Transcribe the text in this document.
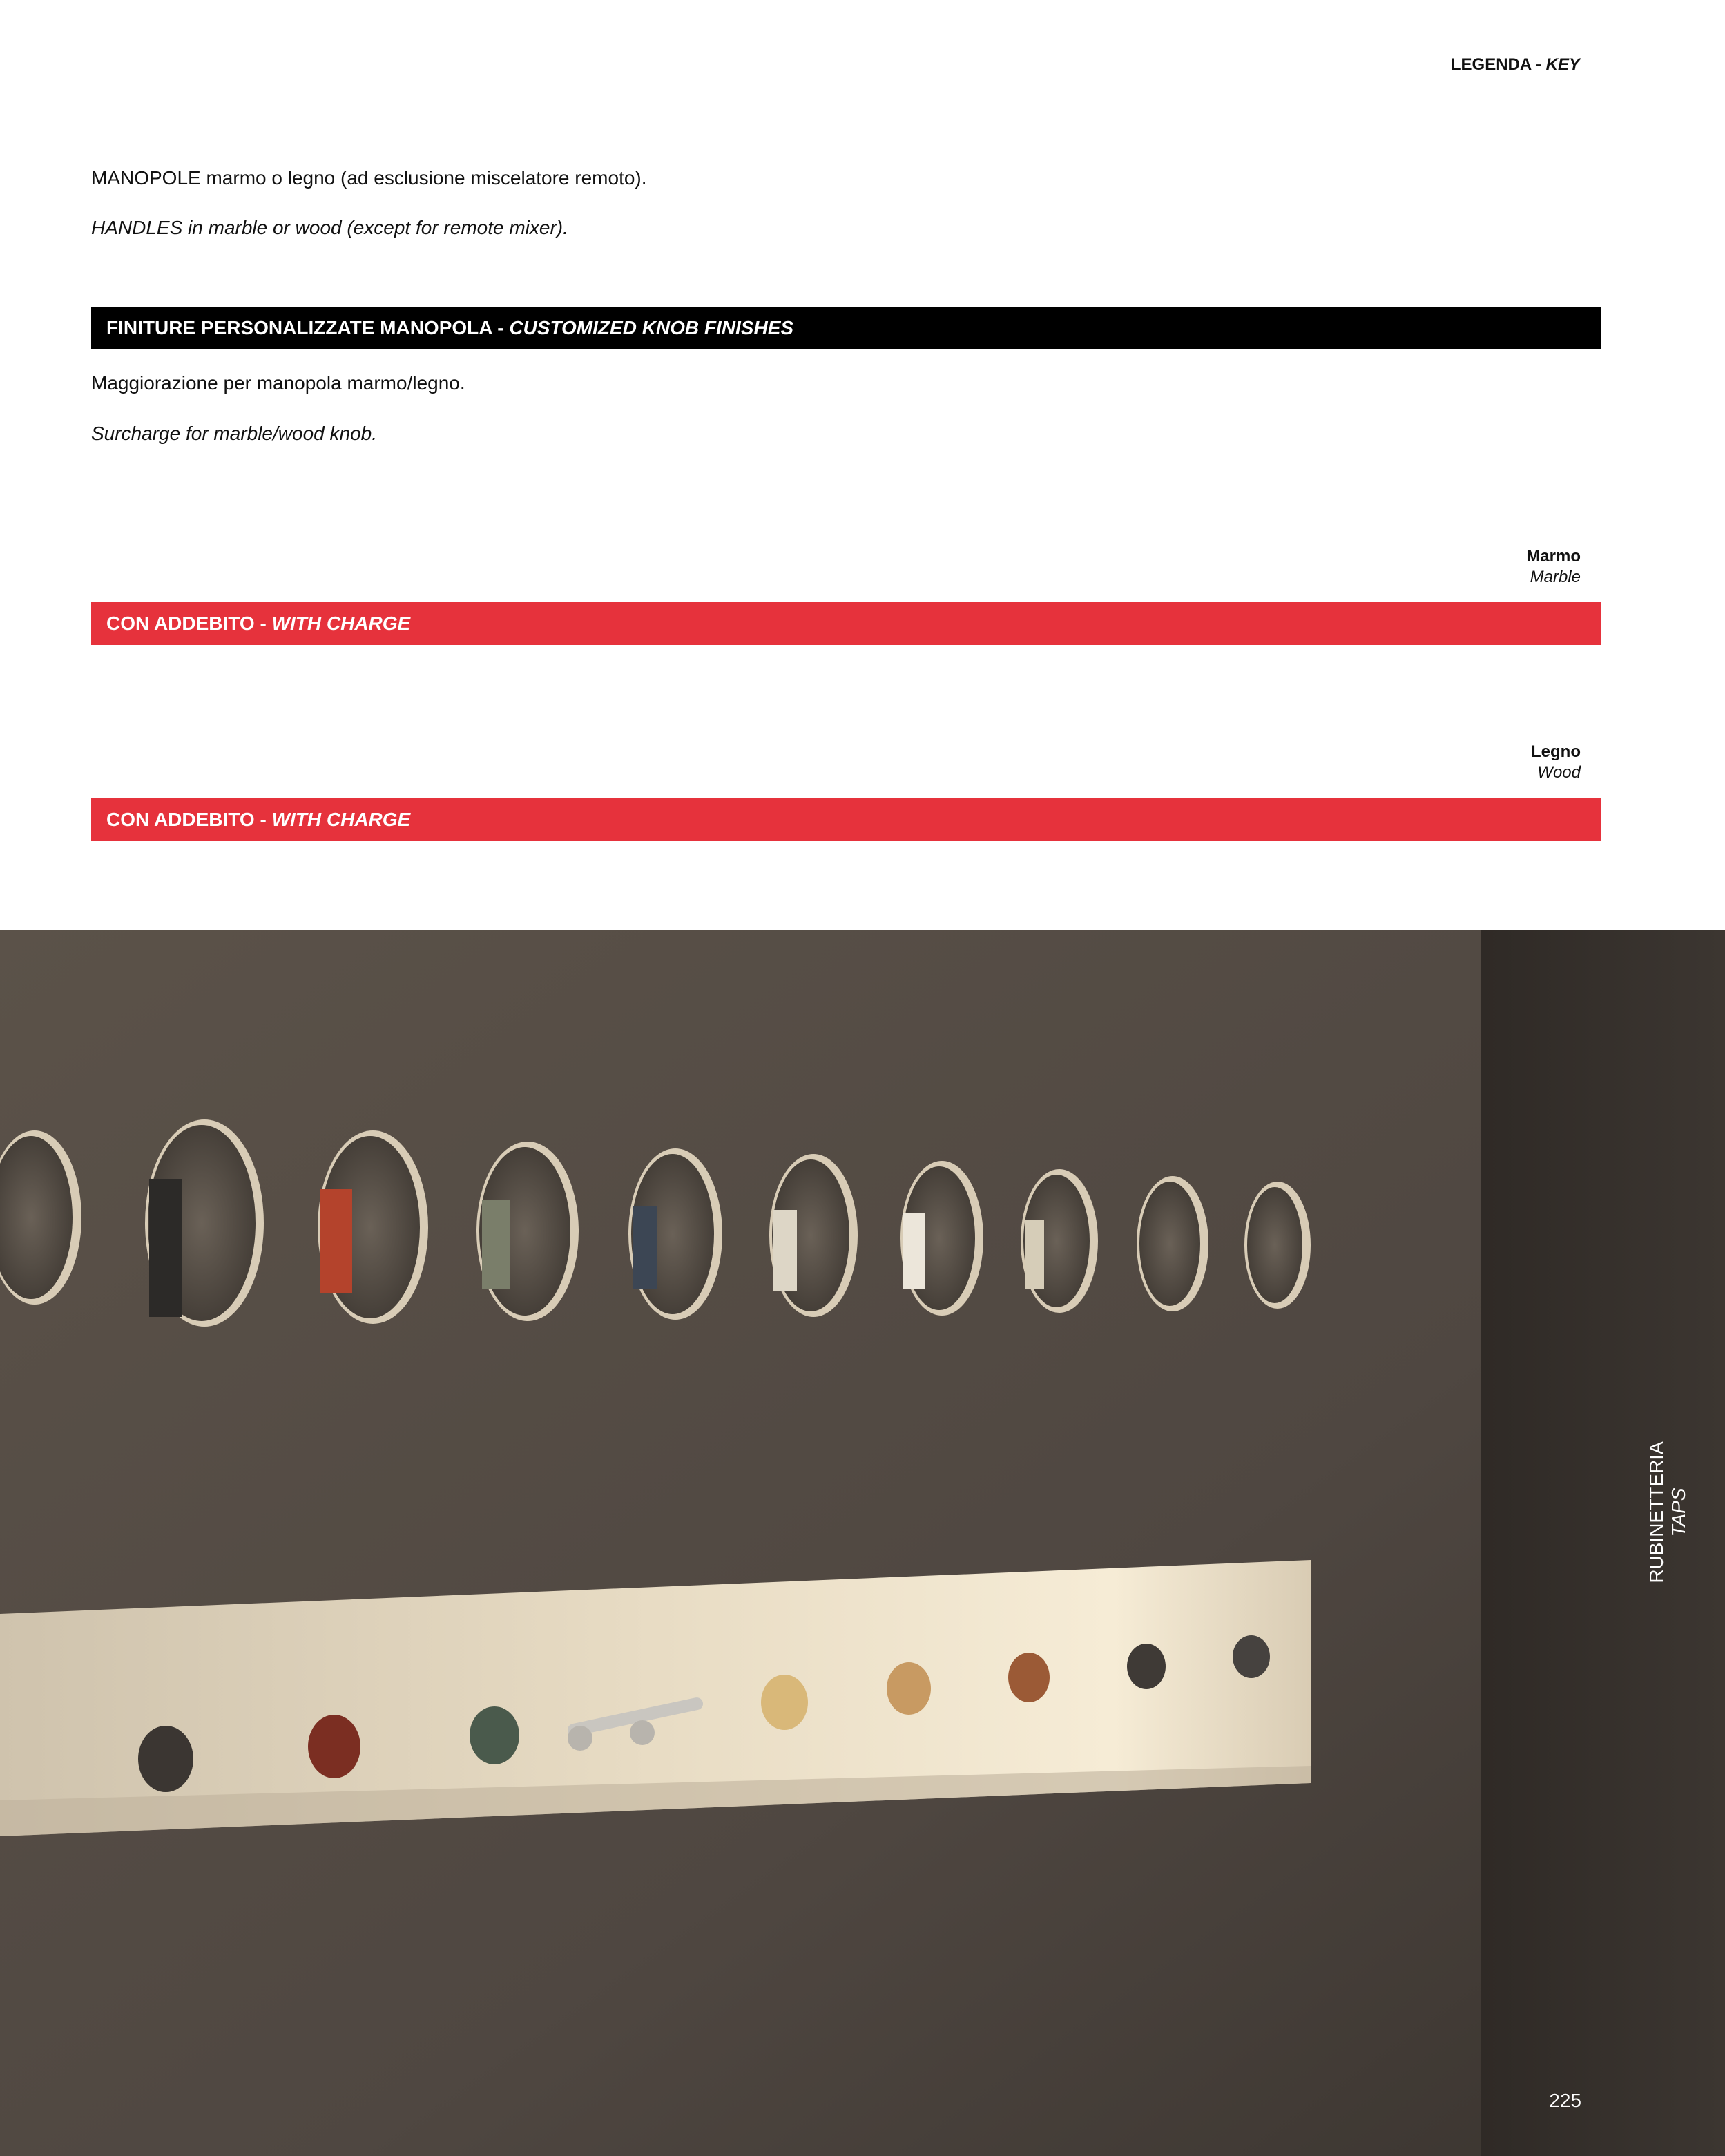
LEGENDA - KEY
MANOPOLE marmo o legno (ad esclusione miscelatore remoto).
HANDLES in marble or wood (except for remote mixer).
FINITURE PERSONALIZZATE MANOPOLA - CUSTOMIZED KNOB FINISHES
Maggiorazione per manopola marmo/legno.
Surcharge for marble/wood knob.
Marmo
Marble
CON ADDEBITO - WITH CHARGE
Legno
Wood
CON ADDEBITO - WITH CHARGE
RUBINETTERIA TAPS
225
